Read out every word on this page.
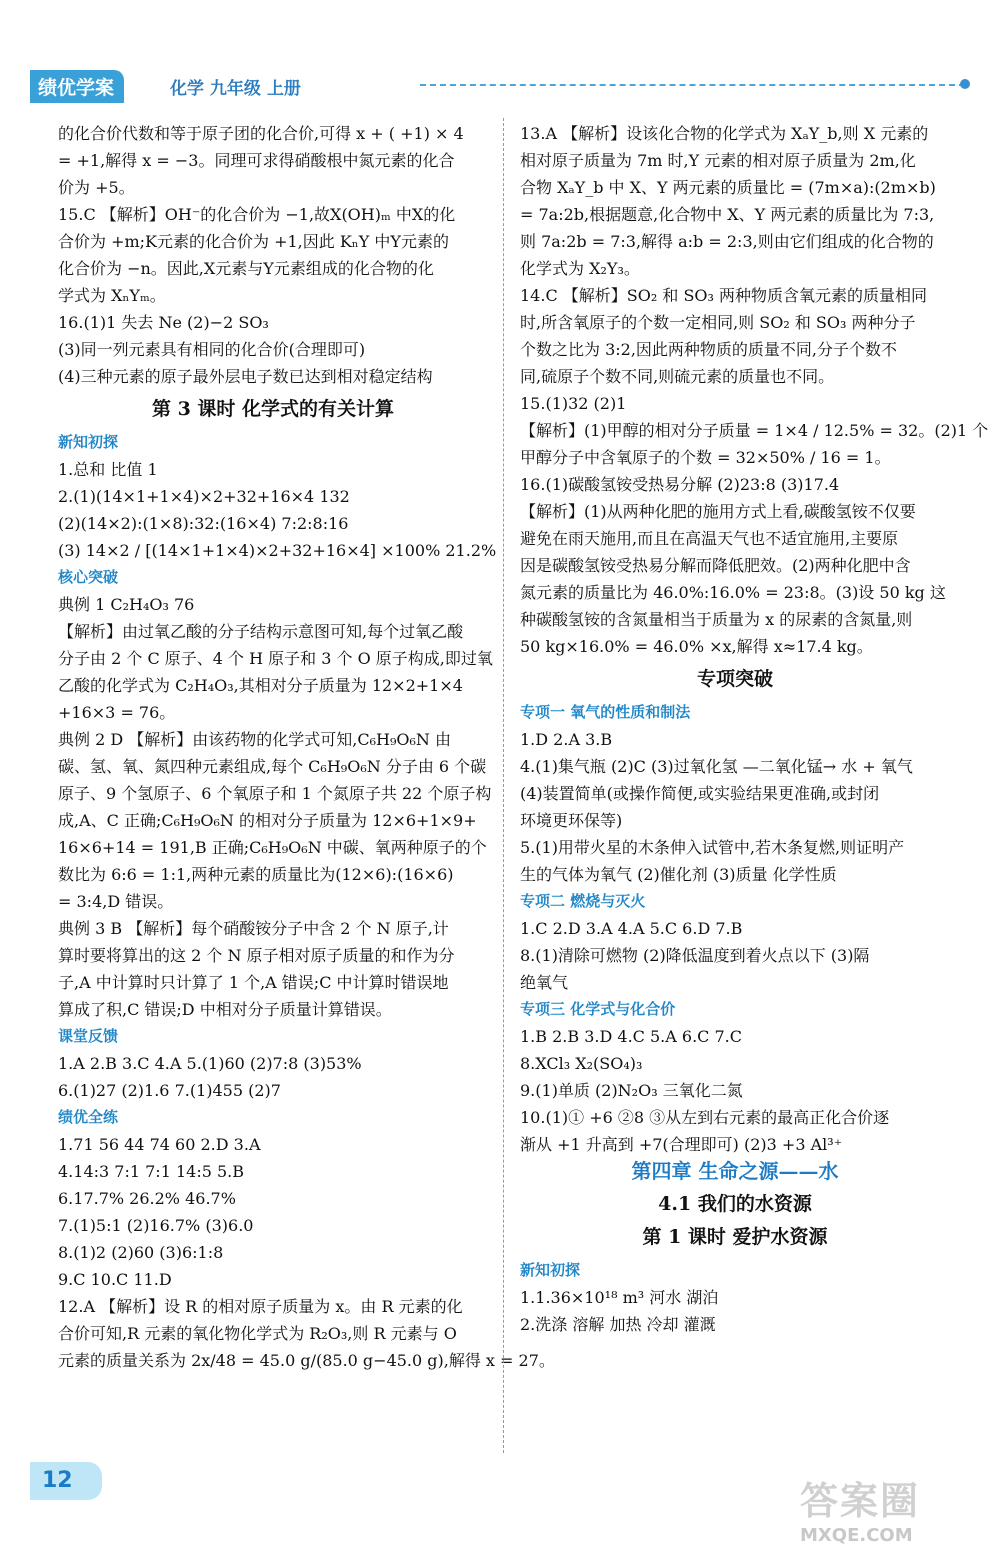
绩优学案	化学 九年级 上册
的化合价代数和等于原子团的化合价,可得 x + ( +1) × 4
= +1,解得 x = −3。同理可求得硝酸根中氮元素的化合
价为 +5。
15.C 【解析】OH⁻的化合价为 −1,故X(OH)ₘ 中X的化
合价为 +m;K元素的化合价为 +1,因此 KₙY 中Y元素的
化合价为 −n。因此,X元素与Y元素组成的化合物的化
学式为 XₙYₘ。
16.(1)1 失去 Ne (2)−2 SO₃
(3)同一列元素具有相同的化合价(合理即可)
(4)三种元素的原子最外层电子数已达到相对稳定结构
第 3 课时 化学式的有关计算
新知初探
1.总和 比值 1
2.(1)(14×1+1×4)×2+32+16×4 132
(2)(14×2):(1×8):32:(16×4) 7:2:8:16
(3) 14×2 / [(14×1+1×4)×2+32+16×4] ×100% 21.2%
核心突破
典例 1 C₂H₄O₃ 76
【解析】由过氧乙酸的分子结构示意图可知,每个过氧乙酸
分子由 2 个 C 原子、4 个 H 原子和 3 个 O 原子构成,即过氧
乙酸的化学式为 C₂H₄O₃,其相对分子质量为 12×2+1×4
+16×3 = 76。
典例 2 D 【解析】由该药物的化学式可知,C₆H₉O₆N 由
碳、氢、氧、氮四种元素组成,每个 C₆H₉O₆N 分子由 6 个碳
原子、9 个氢原子、6 个氧原子和 1 个氮原子共 22 个原子构
成,A、C 正确;C₆H₉O₆N 的相对分子质量为 12×6+1×9+
16×6+14 = 191,B 正确;C₆H₉O₆N 中碳、氧两种原子的个
数比为 6:6 = 1:1,两种元素的质量比为(12×6):(16×6)
= 3:4,D 错误。
典例 3 B 【解析】每个硝酸铵分子中含 2 个 N 原子,计
算时要将算出的这 2 个 N 原子相对原子质量的和作为分
子,A 中计算时只计算了 1 个,A 错误;C 中计算时错误地
算成了积,C 错误;D 中相对分子质量计算错误。
课堂反馈
1.A 2.B 3.C 4.A 5.(1)60 (2)7:8 (3)53%
6.(1)27 (2)1.6 7.(1)455 (2)7
绩优全练
1.71 56 44 74 60 2.D 3.A
4.14:3 7:1 7:1 14:5 5.B
6.17.7% 26.2% 46.7%
7.(1)5:1 (2)16.7% (3)6.0
8.(1)2 (2)60 (3)6:1:8
9.C 10.C 11.D
12.A 【解析】设 R 的相对原子质量为 x。由 R 元素的化
合价可知,R 元素的氧化物化学式为 R₂O₃,则 R 元素与 O
元素的质量关系为 2x/48 = 45.0 g/(85.0 g−45.0 g),解得 x = 27。
13.A 【解析】设该化合物的化学式为 XₐY_b,则 X 元素的
相对原子质量为 7m 时,Y 元素的相对原子质量为 2m,化
合物 XₐY_b 中 X、Y 两元素的质量比 = (7m×a):(2m×b)
= 7a:2b,根据题意,化合物中 X、Y 两元素的质量比为 7:3,
则 7a:2b = 7:3,解得 a:b = 2:3,则由它们组成的化合物的
化学式为 X₂Y₃。
14.C 【解析】SO₂ 和 SO₃ 两种物质含氧元素的质量相同
时,所含氧原子的个数一定相同,则 SO₂ 和 SO₃ 两种分子
个数之比为 3:2,因此两种物质的质量不同,分子个数不
同,硫原子个数不同,则硫元素的质量也不同。
15.(1)32 (2)1
【解析】(1)甲醇的相对分子质量 = 1×4 / 12.5% = 32。(2)1 个
甲醇分子中含氧原子的个数 = 32×50% / 16 = 1。
16.(1)碳酸氢铵受热易分解 (2)23:8 (3)17.4
【解析】(1)从两种化肥的施用方式上看,碳酸氢铵不仅要
避免在雨天施用,而且在高温天气也不适宜施用,主要原
因是碳酸氢铵受热易分解而降低肥效。(2)两种化肥中含
氮元素的质量比为 46.0%:16.0% = 23:8。(3)设 50 kg 这
种碳酸氢铵的含氮量相当于质量为 x 的尿素的含氮量,则
50 kg×16.0% = 46.0% ×x,解得 x≈17.4 kg。
专项突破
专项一 氧气的性质和制法
1.D 2.A 3.B
4.(1)集气瓶 (2)C (3)过氧化氢 —二氧化锰→ 水 + 氧气
(4)装置简单(或操作简便,或实验结果更准确,或封闭
环境更环保等)
5.(1)用带火星的木条伸入试管中,若木条复燃,则证明产
生的气体为氧气 (2)催化剂 (3)质量 化学性质
专项二 燃烧与灭火
1.C 2.D 3.A 4.A 5.C 6.D 7.B
8.(1)清除可燃物 (2)降低温度到着火点以下 (3)隔
绝氧气
专项三 化学式与化合价
1.B 2.B 3.D 4.C 5.A 6.C 7.C
8.XCl₃ X₂(SO₄)₃
9.(1)单质 (2)N₂O₃ 三氧化二氮
10.(1)① +6 ②8 ③从左到右元素的最高正化合价逐
渐从 +1 升高到 +7(合理即可) (2)3 +3 Al³⁺
第四章 生命之源——水
4.1 我们的水资源
第 1 课时 爱护水资源
新知初探
1.1.36×10¹⁸ m³ 河水 湖泊
2.洗涤 溶解 加热 冷却 灌溉
12	答案圈
MXQE.COM
